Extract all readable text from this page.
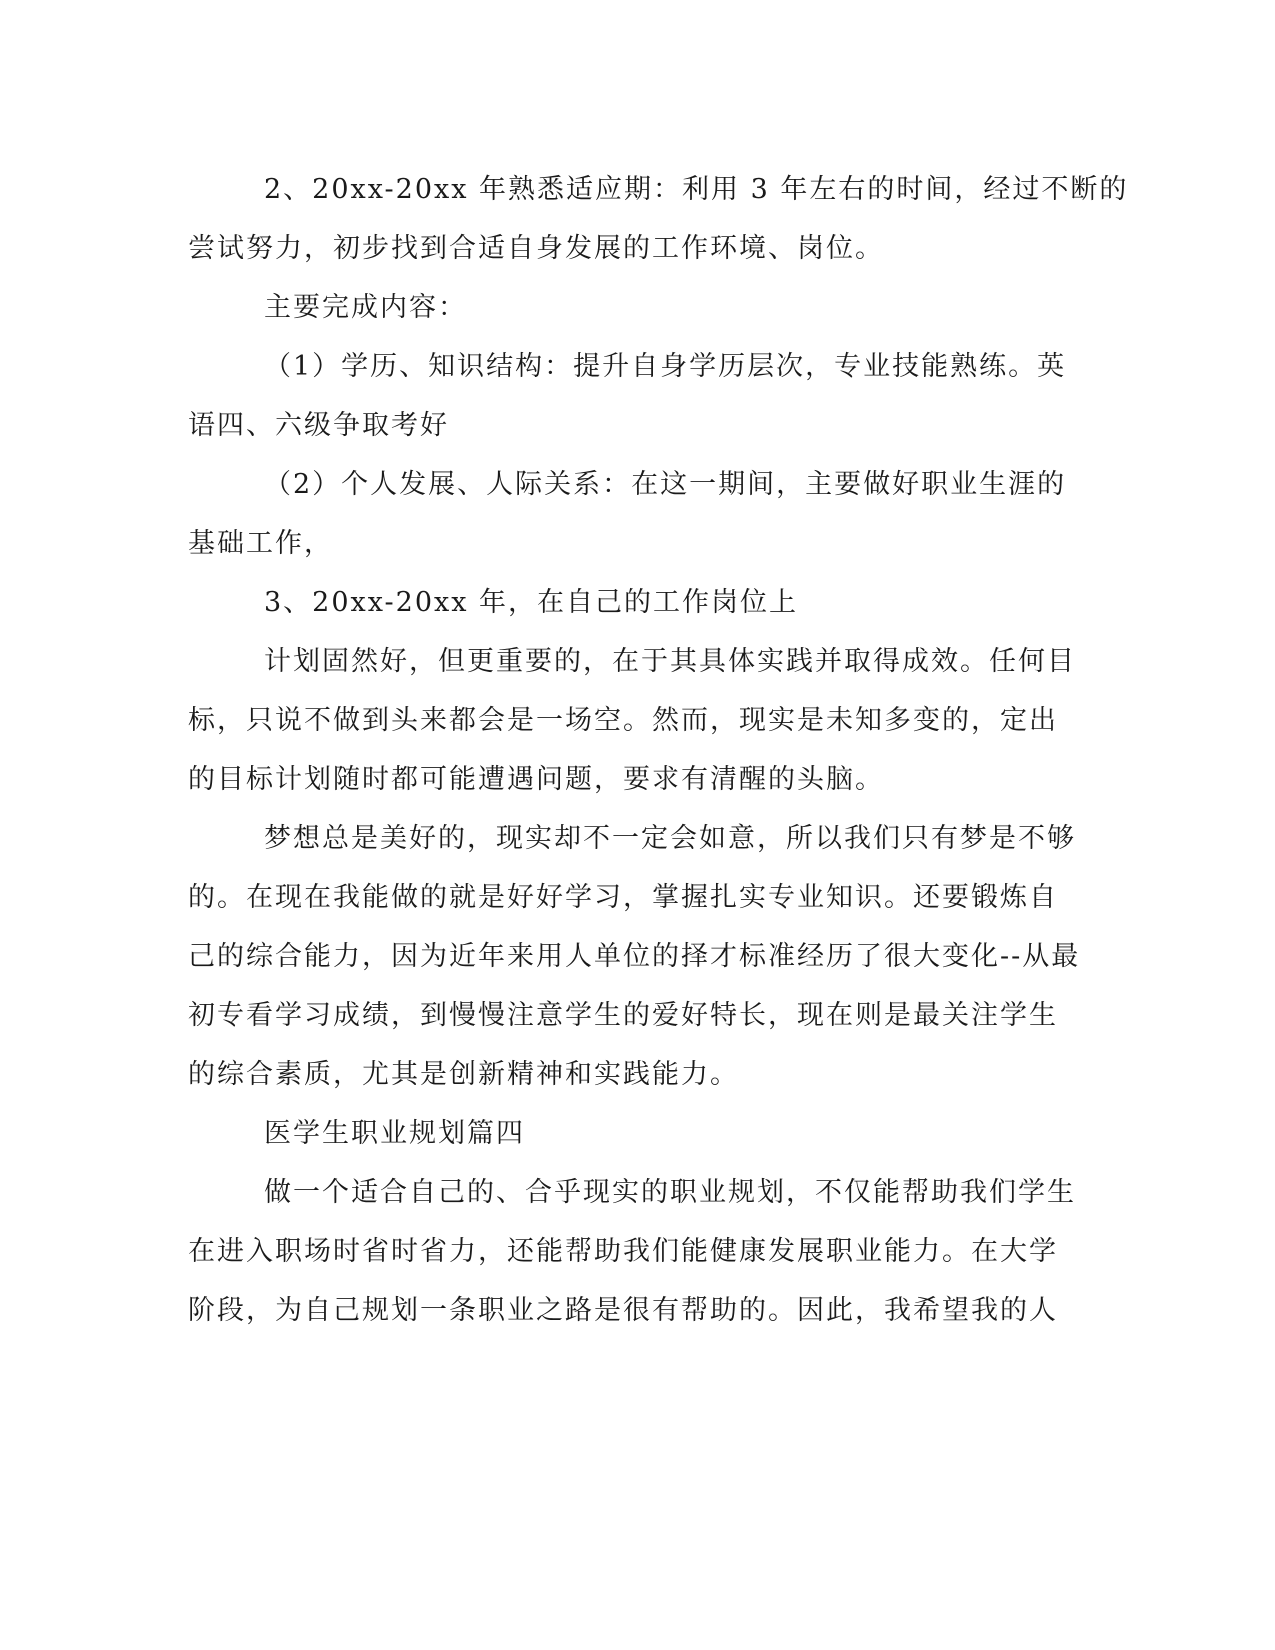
2、20xx-20xx 年熟悉适应期：利用 3 年左右的时间，经过不断的
尝试努力，初步找到合适自身发展的工作环境、岗位。

主要完成内容：

（1）学历、知识结构：提升自身学历层次，专业技能熟练。英
语四、六级争取考好

（2）个人发展、人际关系：在这一期间，主要做好职业生涯的
基础工作，

3、20xx-20xx 年，在自己的工作岗位上

计划固然好，但更重要的，在于其具体实践并取得成效。任何目
标，只说不做到头来都会是一场空。然而，现实是未知多变的，定出
的目标计划随时都可能遭遇问题，要求有清醒的头脑。

梦想总是美好的，现实却不一定会如意，所以我们只有梦是不够
的。在现在我能做的就是好好学习，掌握扎实专业知识。还要锻炼自
己的综合能力，因为近年来用人单位的择才标准经历了很大变化--从最
初专看学习成绩，到慢慢注意学生的爱好特长，现在则是最关注学生
的综合素质，尤其是创新精神和实践能力。

医学生职业规划篇四

做一个适合自己的、合乎现实的职业规划，不仅能帮助我们学生
在进入职场时省时省力，还能帮助我们能健康发展职业能力。在大学
阶段，为自己规划一条职业之路是很有帮助的。因此，我希望我的人
